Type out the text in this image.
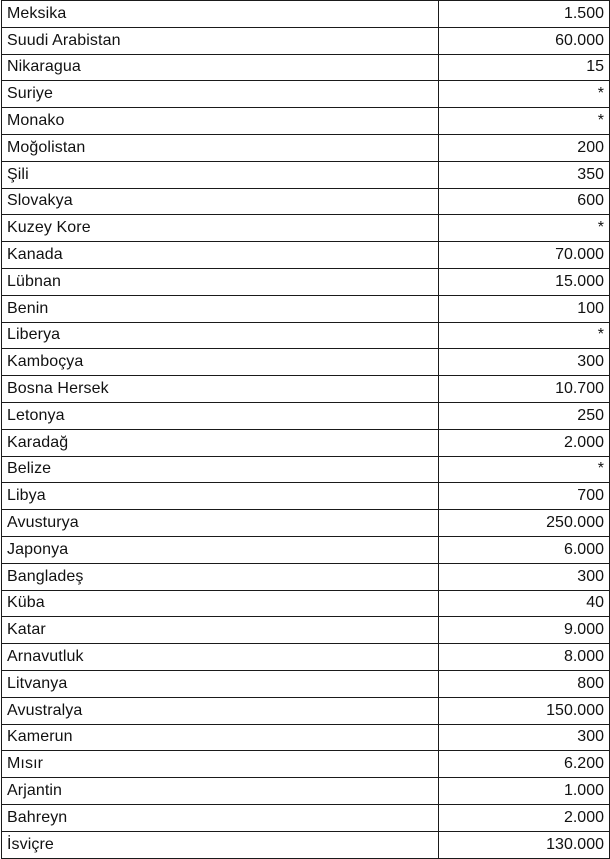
Meksika	1.500
Suudi Arabistan	60.000
Nikaragua	15
Suriye	*
Monako	*
Moğolistan	200
Şili	350
Slovakya	600
Kuzey Kore	*
Kanada	70.000
Lübnan	15.000
Benin	100
Liberya	*
Kamboçya	300
Bosna Hersek	10.700
Letonya	250
Karadağ	2.000
Belize	*
Libya	700
Avusturya	250.000
Japonya	6.000
Bangladeş	300
Küba	40
Katar	9.000
Arnavutluk	8.000
Litvanya	800
Avustralya	150.000
Kamerun	300
Mısır	6.200
Arjantin	1.000
Bahreyn	2.000
İsviçre	130.000
